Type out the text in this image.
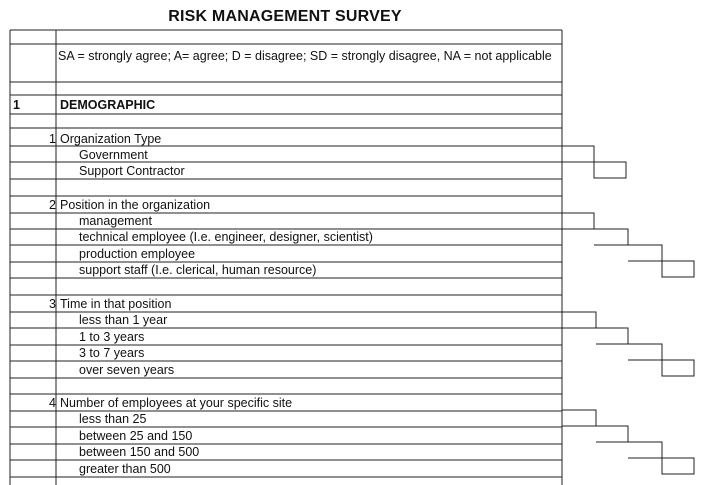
RISK MANAGEMENT SURVEY
SA = strongly agree; A= agree; D = disagree; SD = strongly disagree, NA = not applicable
1	DEMOGRAPHIC
1 Organization Type
Government
Support Contractor
2 Position in the organization
management
technical employee (I.e. engineer, designer, scientist)
production employee
support staff (I.e. clerical, human resource)
3 Time in that position
less than 1 year
1 to 3 years
3 to 7 years
over seven years
4 Number of employees at your specific site
less than 25
between 25 and 150
between 150 and 500
greater than 500
